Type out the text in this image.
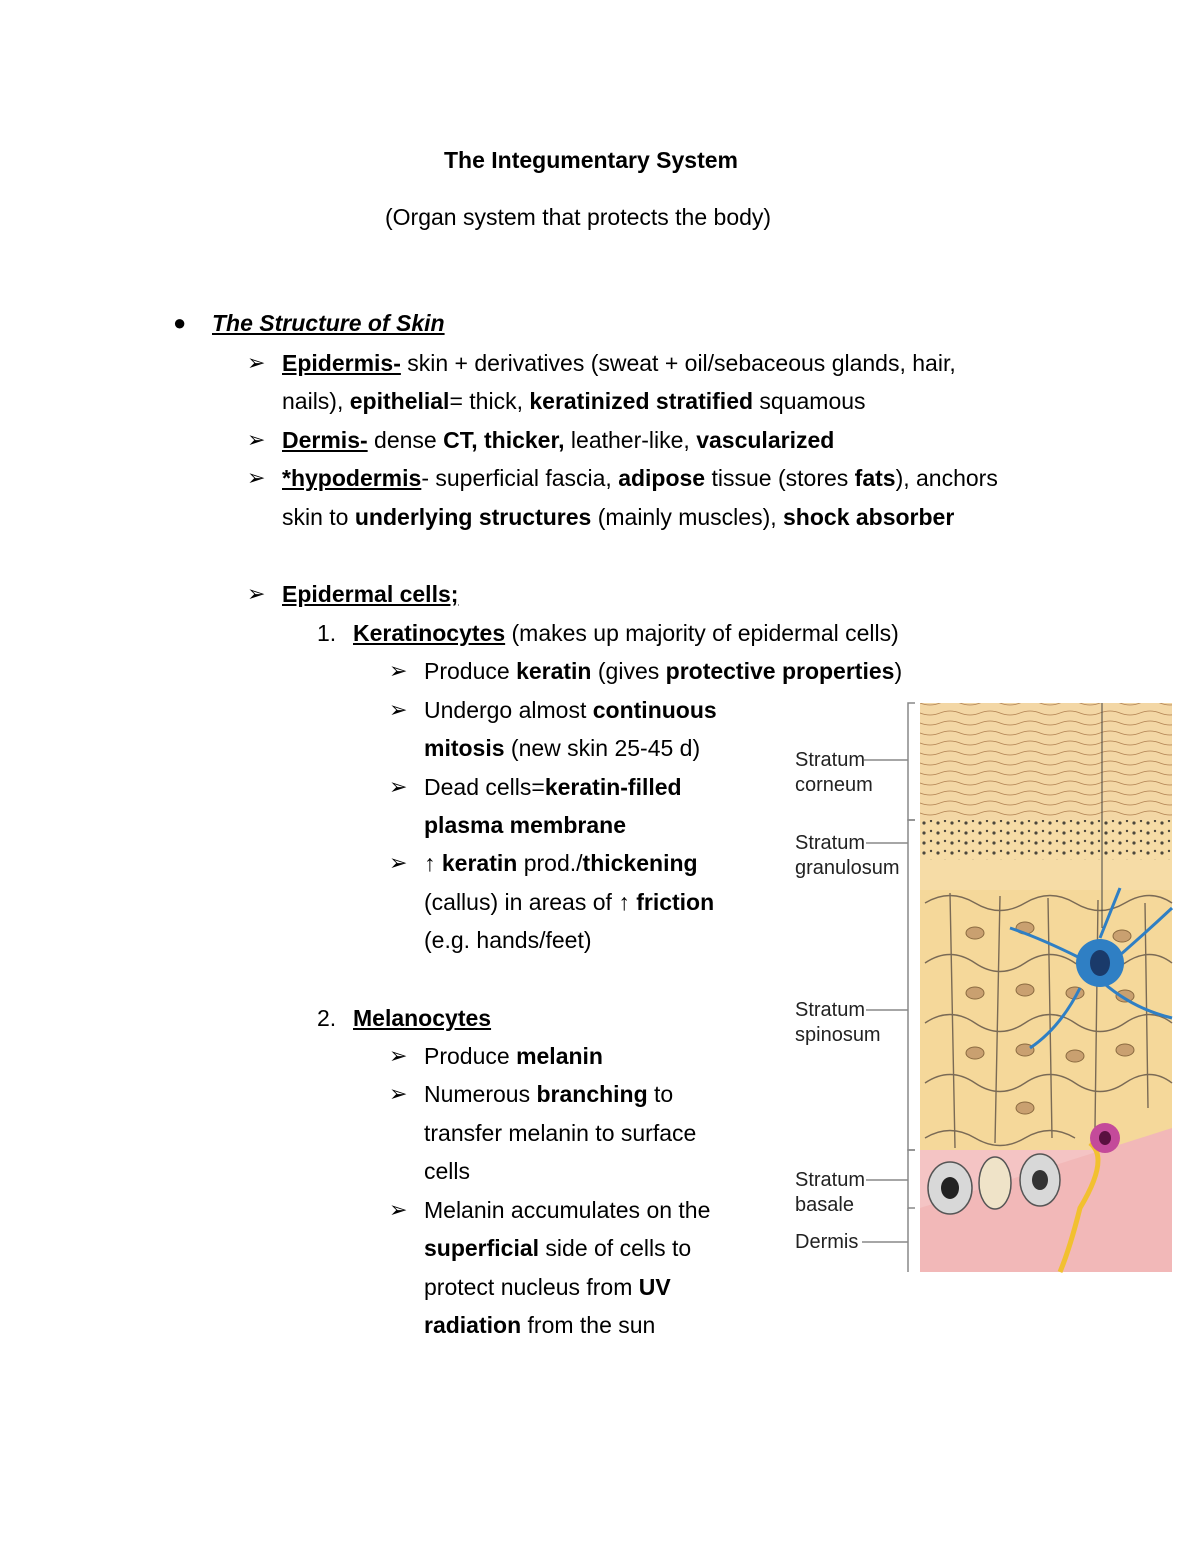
The Integumentary System
(Organ system that protects the body)
● The Structure of Skin
➢ Epidermis- skin + derivatives (sweat + oil/sebaceous glands, hair,
nails), epithelial= thick, keratinized stratified squamous
➢ Dermis- dense CT, thicker, leather-like, vascularized
➢ *hypodermis- superficial fascia, adipose tissue (stores fats), anchors
skin to underlying structures (mainly muscles), shock absorber
➢ Epidermal cells;
1. Keratinocytes (makes up majority of epidermal cells)
➢ Produce keratin (gives protective properties)
➢ Undergo almost continuous
mitosis (new skin 25-45 d)
➢ Dead cells=keratin-filled
plasma membrane
➢ ↑ keratin prod./thickening
(callus) in areas of ↑ friction
(e.g. hands/feet)
2. Melanocytes
➢ Produce melanin
➢ Numerous branching to
transfer melanin to surface
cells
➢ Melanin accumulates on the
superficial side of cells to
protect nucleus from UV
radiation from the sun
Stratum
corneum
Stratum
granulosum
Stratum
spinosum
Stratum
basale
Dermis
